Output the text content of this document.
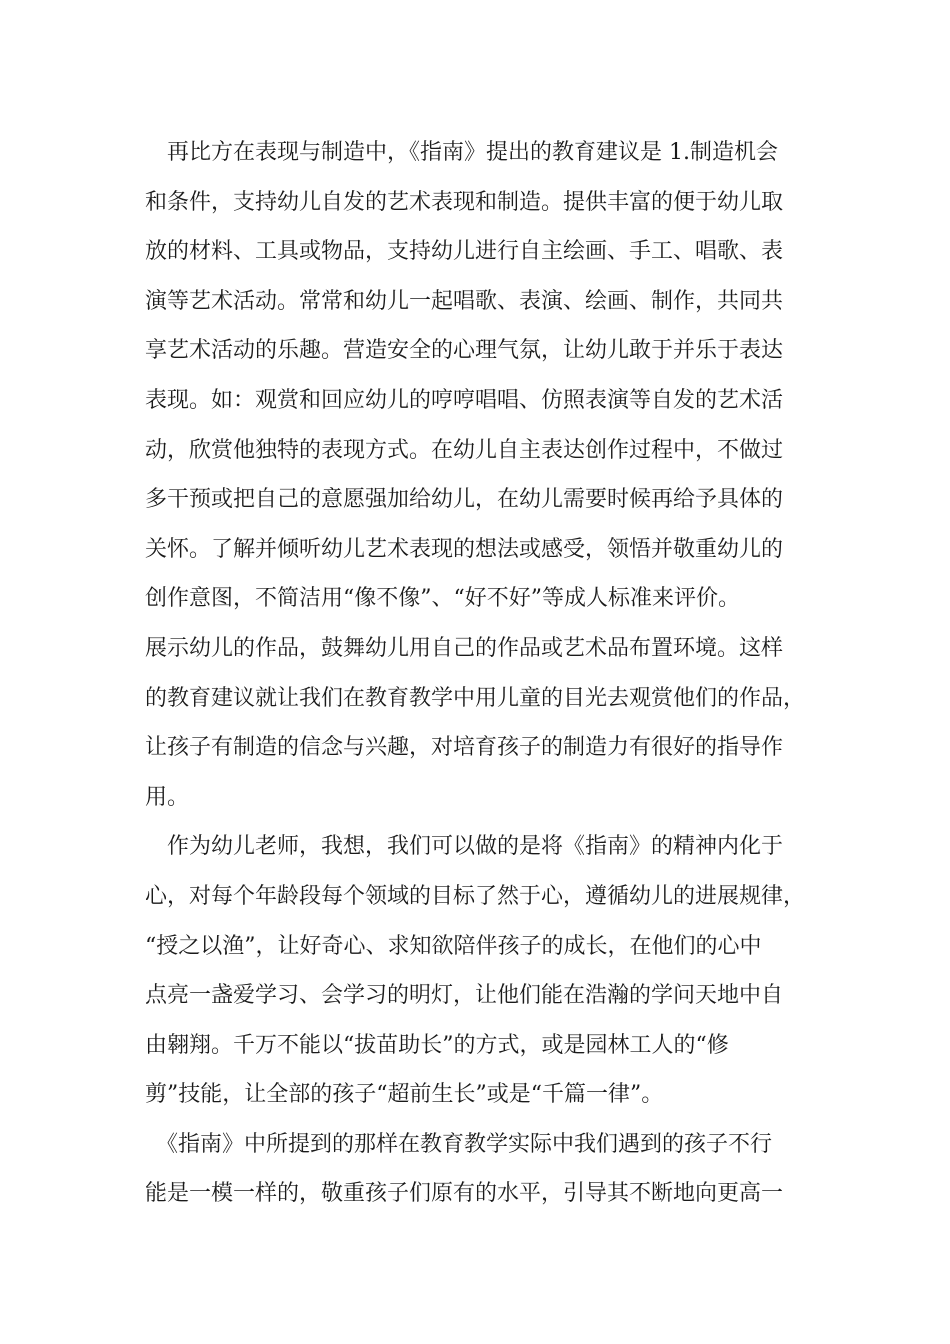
　再比方在表现与制造中，《指南》提出的教育建议是 1.制造机会
和条件，支持幼儿自发的艺术表现和制造。提供丰富的便于幼儿取
放的材料、工具或物品，支持幼儿进行自主绘画、手工、唱歌、表
演等艺术活动。常常和幼儿一起唱歌、表演、绘画、制作，共同共
享艺术活动的乐趣。营造安全的心理气氛，让幼儿敢于并乐于表达
表现。如：观赏和回应幼儿的哼哼唱唱、仿照表演等自发的艺术活
动，欣赏他独特的表现方式。在幼儿自主表达创作过程中，不做过
多干预或把自己的意愿强加给幼儿，在幼儿需要时候再给予具体的
关怀。了解并倾听幼儿艺术表现的想法或感受，领悟并敬重幼儿的
创作意图，不简洁用“像不像”、“好不好”等成人标准来评价。
展示幼儿的作品，鼓舞幼儿用自己的作品或艺术品布置环境。这样
的教育建议就让我们在教育教学中用儿童的目光去观赏他们的作品，
让孩子有制造的信念与兴趣，对培育孩子的制造力有很好的指导作
用。
　作为幼儿老师，我想，我们可以做的是将《指南》的精神内化于
心，对每个年龄段每个领域的目标了然于心，遵循幼儿的进展规律，
“授之以渔”，让好奇心、求知欲陪伴孩子的成长，在他们的心中
点亮一盏爱学习、会学习的明灯，让他们能在浩瀚的学问天地中自
由翱翔。千万不能以“拔苗助长”的方式，或是园林工人的“修
剪”技能，让全部的孩子“超前生长”或是“千篇一律”。
　《指南》中所提到的那样在教育教学实际中我们遇到的孩子不行
能是一模一样的，敬重孩子们原有的水平，引导其不断地向更高一
